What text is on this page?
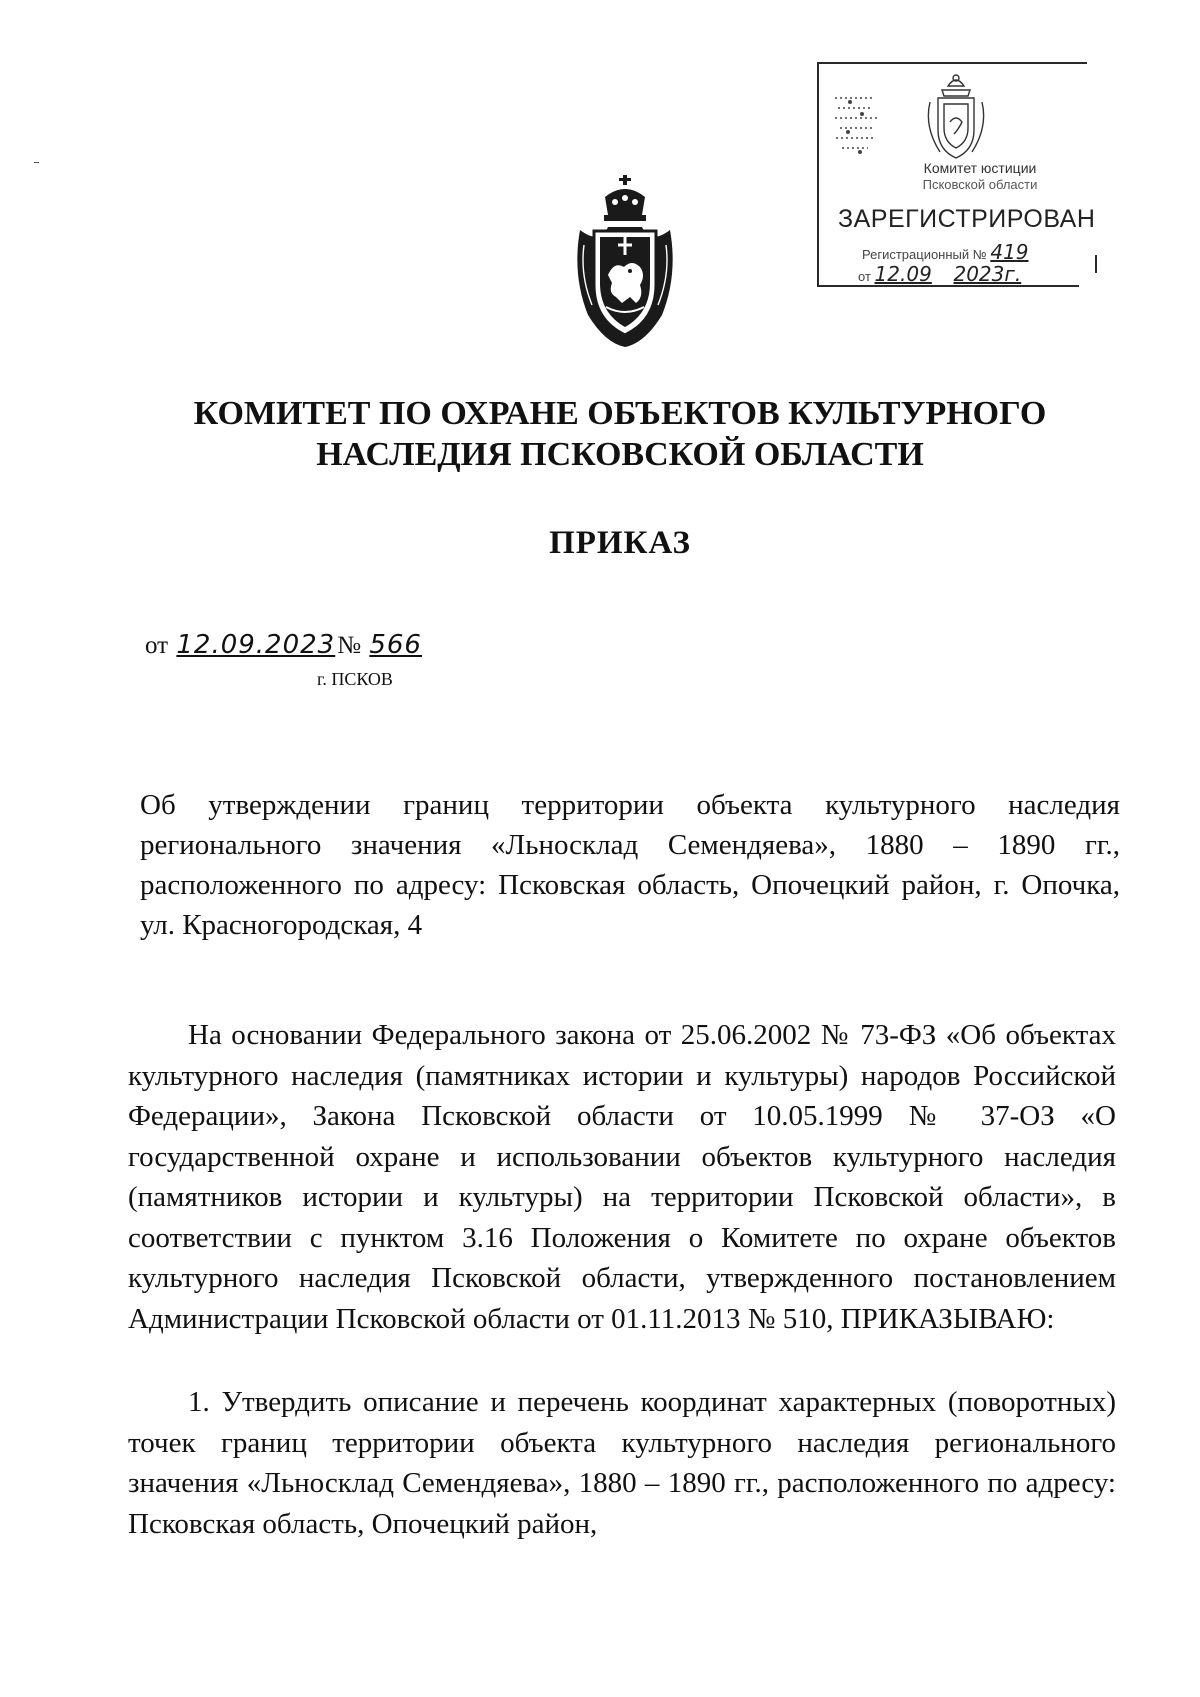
Комитет юстиции
Псковской области
ЗАРЕГИСТРИРОВАН
Регистрационный № 419
от 12.09 2023г.
КОМИТЕТ ПО ОХРАНЕ ОБЪЕКТОВ КУЛЬТУРНОГО
НАСЛЕДИЯ ПСКОВСКОЙ ОБЛАСТИ
ПРИКАЗ
от 12.09.2023№ 566
г. ПСКОВ

Об утверждении границ территории объекта культурного наследия регионального значения «Льносклад Семендяева», 1880 – 1890 гг., расположенного по адресу: Псковская область, Опочецкий район, г. Опочка, ул. Красногородская, 4

На основании Федерального закона от 25.06.2002 № 73-ФЗ «Об объектах культурного наследия (памятниках истории и культуры) народов Российской Федерации», Закона Псковской области от 10.05.1999 № 37-ОЗ «О государственной охране и использовании объектов культурного наследия (памятников истории и культуры) на территории Псковской области», в соответствии с пунктом 3.16 Положения о Комитете по охране объектов культурного наследия Псковской области, утвержденного постановлением Администрации Псковской области от 01.11.2013 № 510, ПРИКАЗЫВАЮ:

1. Утвердить описание и перечень координат характерных (поворотных) точек границ территории объекта культурного наследия регионального значения «Льносклад Семендяева», 1880 – 1890 гг., расположенного по адресу: Псковская область, Опочецкий район,
